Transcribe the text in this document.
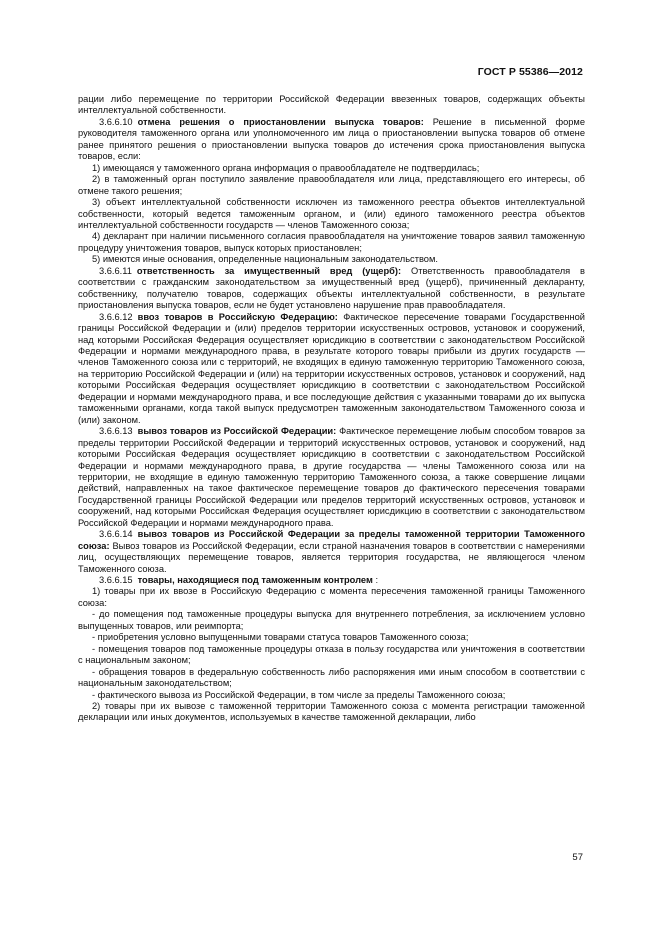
ГОСТ Р 55386—2012

рации либо перемещение по территории Российской Федерации ввезенных товаров, содержащих объекты интеллектуальной собственности.

3.6.6.10 отмена решения о приостановлении выпуска товаров: Решение в письменной форме руководителя таможенного органа или уполномоченного им лица о приостановлении выпуска товаров об отмене ранее принятого решения о приостановлении выпуска товаров до истечения срока приостановления выпуска товаров, если:

1) имеющаяся у таможенного органа информация о правообладателе не подтвердилась;

2) в таможенный орган поступило заявление правообладателя или лица, представляющего его интересы, об отмене такого решения;

3) объект интеллектуальной собственности исключен из таможенного реестра объектов интеллектуальной собственности, который ведется таможенным органом, и (или) единого таможенного реестра объектов интеллектуальной собственности государств — членов Таможенного союза;

4) декларант при наличии письменного согласия правообладателя на уничтожение товаров заявил таможенную процедуру уничтожения товаров, выпуск которых приостановлен;

5) имеются иные основания, определенные национальным законодательством.

3.6.6.11 ответственность за имущественный вред (ущерб): Ответственность правообладателя в соответствии с гражданским законодательством за имущественный вред (ущерб), причиненный декларанту, собственнику, получателю товаров, содержащих объекты интеллектуальной собственности, в результате приостановления выпуска товаров, если не будет установлено нарушение прав правообладателя.

3.6.6.12 ввоз товаров в Российскую Федерацию: Фактическое пересечение товарами Государственной границы Российской Федерации и (или) пределов территории искусственных островов, установок и сооружений, над которыми Российская Федерация осуществляет юрисдикцию в соответствии с законодательством Российской Федерации и нормами международного права, в результате которого товары прибыли из других государств — членов Таможенного союза или с территорий, не входящих в единую таможенную территорию Таможенного союза, на территорию Российской Федерации и (или) на территории искусственных островов, установок и сооружений, над которыми Российская Федерация осуществляет юрисдикцию в соответствии с законодательством Российской Федерации и нормами международного права, и все последующие действия с указанными товарами до их выпуска таможенными органами, когда такой выпуск предусмотрен таможенным законодательством Таможенного союза и (или) законом.

3.6.6.13 вывоз товаров из Российской Федерации: Фактическое перемещение любым способом товаров за пределы территории Российской Федерации и территорий искусственных островов, установок и сооружений, над которыми Российская Федерация осуществляет юрисдикцию в соответствии с законодательством Российской Федерации и нормами международного права, в другие государства — члены Таможенного союза или на территории, не входящие в единую таможенную территорию Таможенного союза, а также совершение лицами действий, направленных на такое фактическое перемещение товаров до фактического пересечения товарами Государственной границы Российской Федерации или пределов территорий искусственных островов, установок и сооружений, над которыми Российская Федерация осуществляет юрисдикцию в соответствии с законодательством Российской Федерации и нормами международного права.

3.6.6.14 вывоз товаров из Российской Федерации за пределы таможенной территории Таможенного союза: Вывоз товаров из Российской Федерации, если страной назначения товаров в соответствии с намерениями лиц, осуществляющих перемещение товаров, является территория государства, не являющегося членом Таможенного союза.

3.6.6.15 товары, находящиеся под таможенным контролем :

1) товары при их ввозе в Российскую Федерацию с момента пересечения таможенной границы Таможенного союза:

- до помещения под таможенные процедуры выпуска для внутреннего потребления, за исключением условно выпущенных товаров, или реимпорта;

- приобретения условно выпущенными товарами статуса товаров Таможенного союза;

- помещения товаров под таможенные процедуры отказа в пользу государства или уничтожения в соответствии с национальным законом;

- обращения товаров в федеральную собственность либо распоряжения ими иным способом в соответствии с национальным законодательством;

- фактического вывоза из Российской Федерации, в том числе за пределы Таможенного союза;

2) товары при их вывозе с таможенной территории Таможенного союза с момента регистрации таможенной декларации или иных документов, используемых в качестве таможенной декларации, либо

57
